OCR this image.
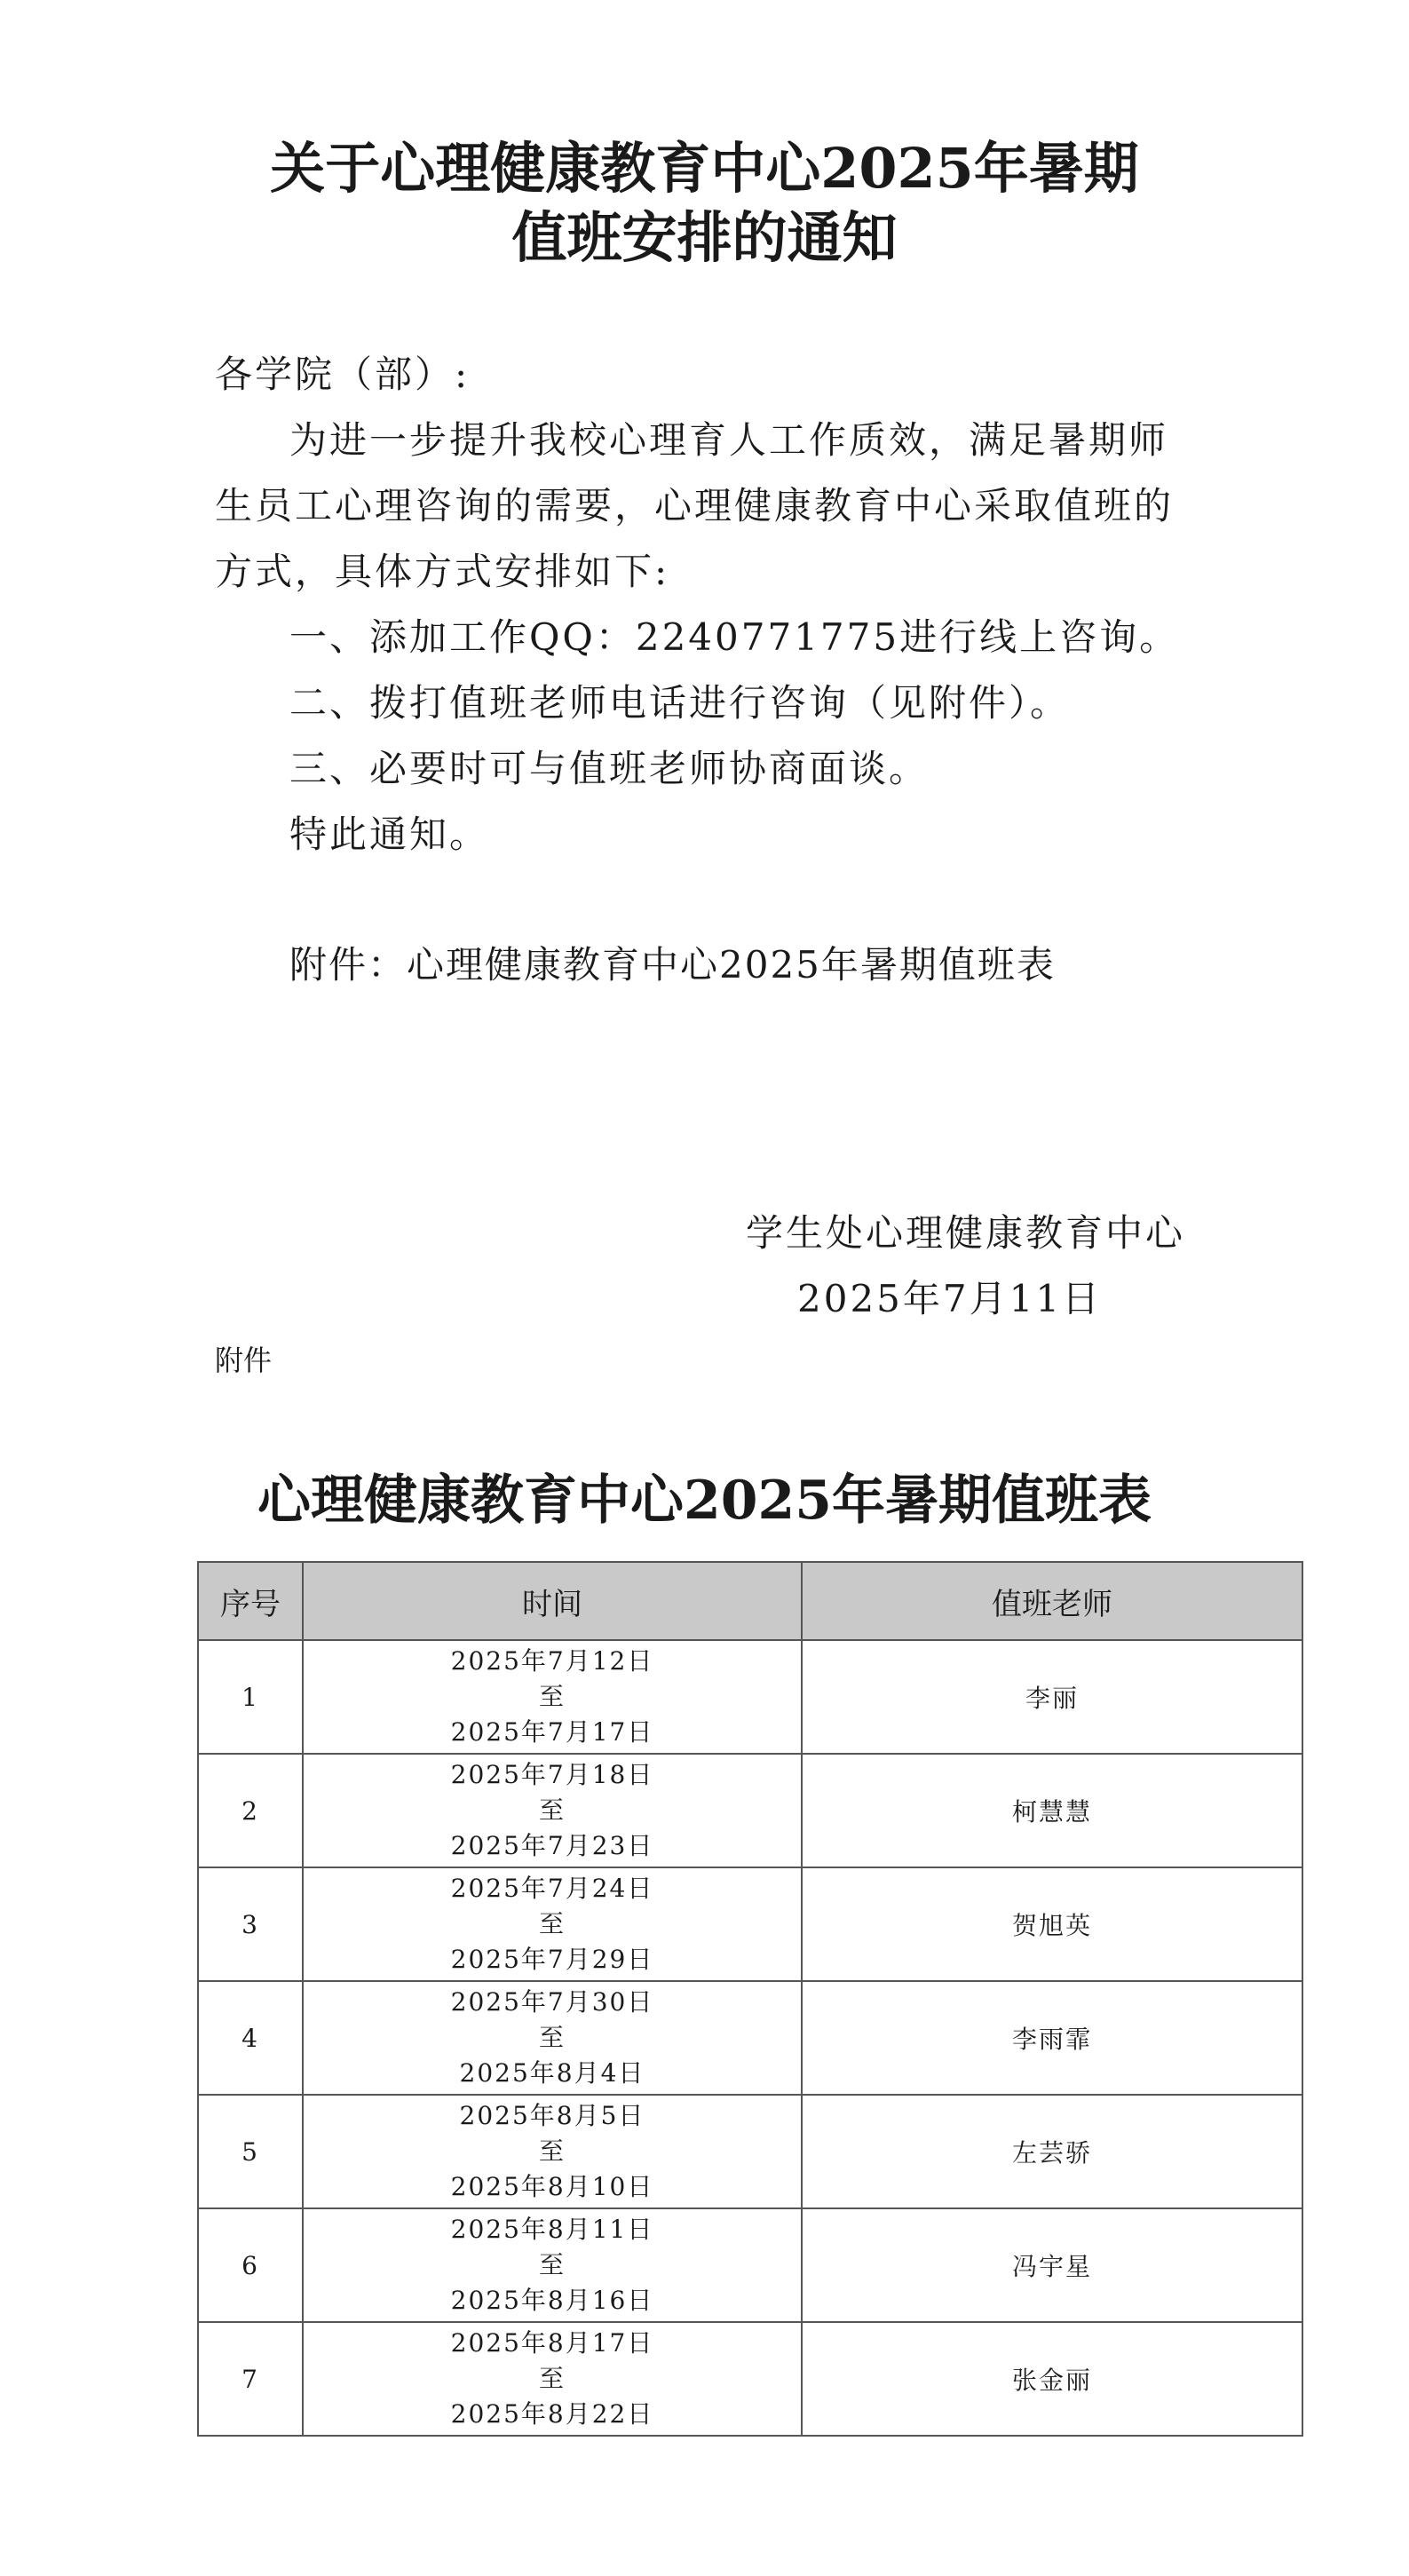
关于心理健康教育中心2025年暑期
值班安排的通知
各学院（部）:

为进一步提升我校心理育人工作质效，满足暑期师生员工心理咨询的需要，心理健康教育中心采取值班的方式，具体方式安排如下:

一、添加工作QQ：2240771775进行线上咨询。

二、拨打值班老师电话进行咨询（见附件）。

三、必要时可与值班老师协商面谈。

特此通知。

附件：心理健康教育中心2025年暑期值班表
学生处心理健康教育中心
2025年7月11日
附件
心理健康教育中心2025年暑期值班表
序号	时间	值班老师
1	2025年7月12日
至
2025年7月17日	李丽
2	2025年7月18日
至
2025年7月23日	柯慧慧
3	2025年7月24日
至
2025年7月29日	贺旭英
4	2025年7月30日
至
2025年8月4日	李雨霏
5	2025年8月5日
至
2025年8月10日	左芸骄
6	2025年8月11日
至
2025年8月16日	冯宇星
7	2025年8月17日
至
2025年8月22日	张金丽
